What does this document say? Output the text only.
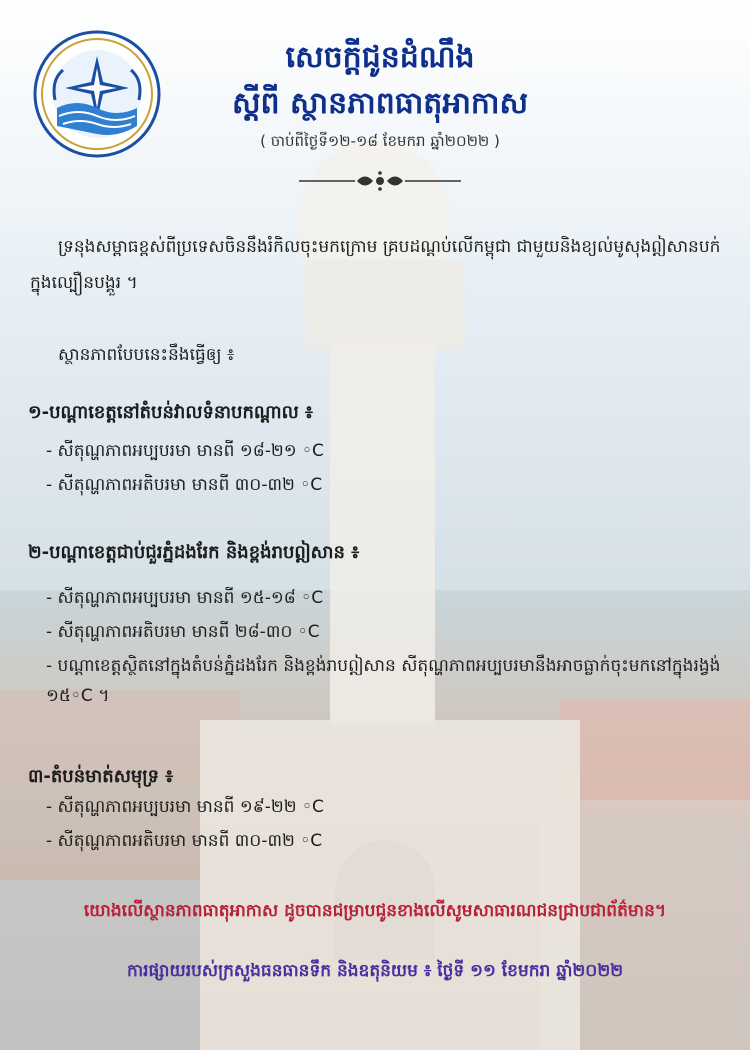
សេចក្តីជូនដំណឹង

ស្តីពី ស្ថានភាពធាតុអាកាស

( ចាប់ពីថ្ងៃទី១២-១៨ ខែមករា ឆ្នាំ២០២២ )

ទ្រនុងសម្ពាធខ្ពស់ពីប្រទេសចិននឹងរំកិលចុះមកក្រោម គ្របដណ្តប់លើកម្ពុជា ជាមួយនិងខ្យល់មូសុងឦសានបក់ក្នុងល្បឿនបង្គួរ ។

ស្ថានភាពបែបនេះនឹងធ្វើឲ្យ ៖

១-បណ្តាខេត្តនៅតំបន់វាលទំនាបកណ្តាល ៖

- សីតុណ្ហភាពអប្បបរមា មានពី ១៨-២១ ◦C

- សីតុណ្ហភាពអតិបរមា មានពី ៣០-៣២ ◦C

២-បណ្តាខេត្តជាប់ជួរភ្នំដងរែក និងខ្ពង់រាបឦសាន ៖

- សីតុណ្ហភាពអប្បបរមា មានពី ១៥-១៨ ◦C

- សីតុណ្ហភាពអតិបរមា មានពី ២៨-៣០ ◦C

- បណ្តាខេត្តស្ថិតនៅក្នុងតំបន់ភ្នំដងរែក និងខ្ពង់រាបឦសាន សីតុណ្ហភាពអប្បបរមានឹងអាចធ្លាក់ចុះមកនៅក្នុងរង្វង់ ១៥◦C ។

៣-តំបន់មាត់សមុទ្រ ៖

- សីតុណ្ហភាពអប្បបរមា មានពី ១៩-២២ ◦C

- សីតុណ្ហភាពអតិបរមា មានពី ៣០-៣២ ◦C

យោងលើស្ថានភាពធាតុអាកាស ដូចបានជម្រាបជូនខាងលើសូមសាធារណជនជ្រាបជាព័ត៌មាន។

ការផ្សាយរបស់ក្រសួងធនធានទឹក និងឧតុនិយម ៖ ថ្ងៃទី ១១ ខែមករា ឆ្នាំ២០២២
